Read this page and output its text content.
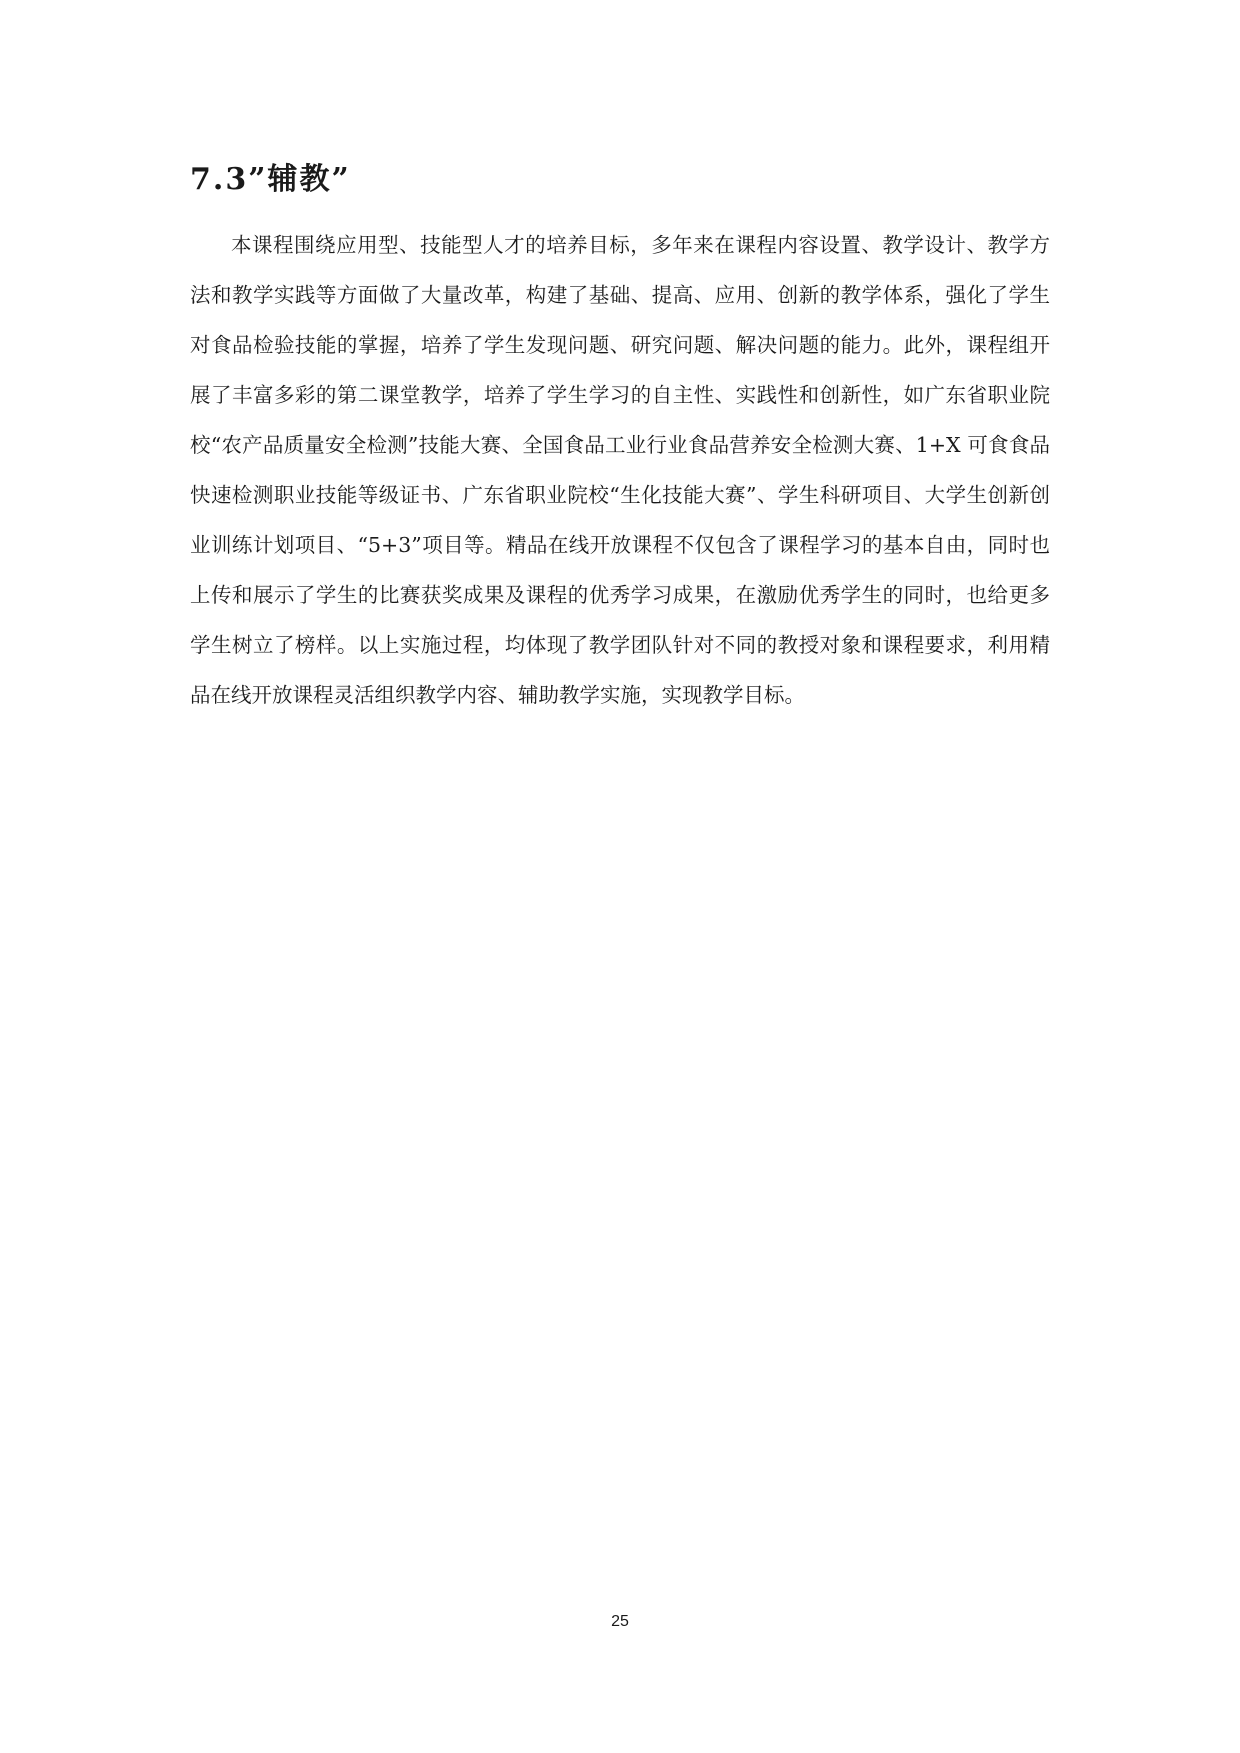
7.3”辅教”

本课程围绕应用型、技能型人才的培养目标，多年来在课程内容设置、教学设计、教学方法和教学实践等方面做了大量改革，构建了基础、提高、应用、创新的教学体系，强化了学生对食品检验技能的掌握，培养了学生发现问题、研究问题、解决问题的能力。此外，课程组开展了丰富多彩的第二课堂教学，培养了学生学习的自主性、实践性和创新性，如广东省职业院校“农产品质量安全检测”技能大赛、全国食品工业行业食品营养安全检测大赛、1+X 可食食品快速检测职业技能等级证书、广东省职业院校“生化技能大赛”、学生科研项目、大学生创新创业训练计划项目、“5+3”项目等。精品在线开放课程不仅包含了课程学习的基本自由，同时也上传和展示了学生的比赛获奖成果及课程的优秀学习成果，在激励优秀学生的同时，也给更多学生树立了榜样。以上实施过程，均体现了教学团队针对不同的教授对象和课程要求，利用精品在线开放课程灵活组织教学内容、辅助教学实施，实现教学目标。

25
